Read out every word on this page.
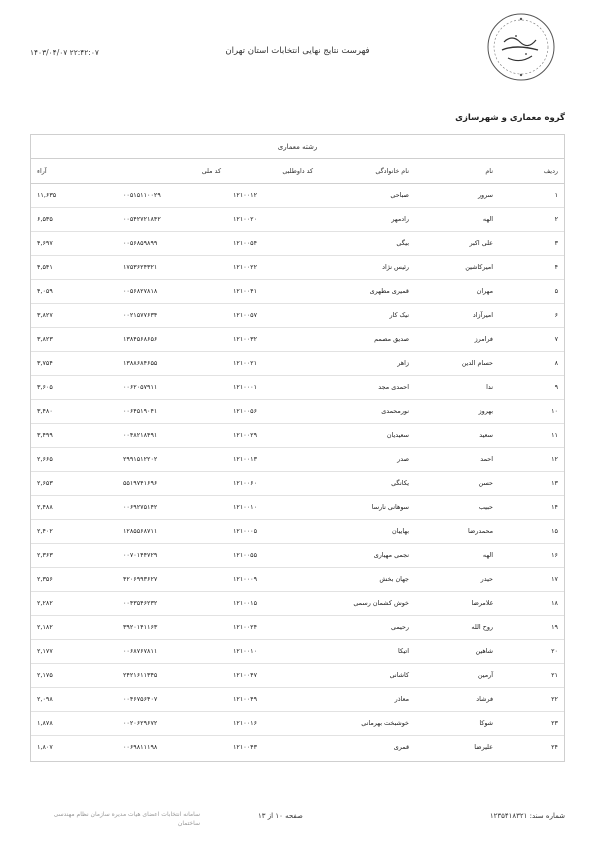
۱۴۰۳/۰۴/۰۷ ۲۲:۴۲:۰۷	فهرست نتایج نهایی انتخابات استان تهران
گروه معماری و شهرسازی
رشته معماری
ردیف	نام	نام خانوادگی	کد داوطلبی	کد ملی	آراء
۱	سرور	صباحی	۱۲۱۰۰۱۲	۰۰۵۱۵۱۱۰۰۲۹	۱۱,۶۳۵
۲	الهه	رادمهر	۱۲۱۰۰۲۰	۰۰۵۴۲۷۲۱۸۴۲	۶,۵۳۵
۳	علی اکبر	بیگی	۱۲۱۰۰۵۴	۰۰۵۶۸۵۹۸۹۹	۴,۶۹۷
۴	امیرکاشین	رئیس نژاد	۱۲۱۰۰۲۲	۱۷۵۳۶۲۴۳۲۱	۴,۵۴۱
۵	مهران	قمیری مطهری	۱۲۱۰۰۴۱	۰۰۵۶۸۲۷۸۱۸	۴,۰۵۹
۶	امیرآزاد	نیک کار	۱۲۱۰۰۵۷	۰۰۲۱۵۷۷۶۳۴	۳,۸۲۷
۷	فرامرز	صدیق مصمم	۱۲۱۰۰۳۲	۱۳۸۴۵۶۸۶۵۶	۳,۸۲۳
۸	حسام الدین	زاهر	۱۲۱۰۰۲۱	۱۳۸۸۶۸۴۶۵۵	۳,۷۵۴
۹	ندا	احمدی مجد	۱۲۱۰۰۰۱	۰۰۶۲۰۵۷۹۱۱	۳,۶۰۵
۱۰	بهروز	نورمحمدی	۱۲۱۰۰۵۶	۰۰۶۴۵۱۹۰۴۱	۳,۴۸۰
۱۱	سعید	سعیدیان	۱۲۱۰۰۲۹	۰۰۴۸۲۱۸۴۹۱	۳,۴۹۹
۱۲	احمد	صدر	۱۲۱۰۰۱۳	۲۹۹۱۵۱۲۲۰۲	۲,۶۶۵
۱۳	حسن	یکانگی	۱۲۱۰۰۶۰	۵۵۱۹۷۴۱۶۹۶	۲,۶۵۳
۱۴	حبیب	سوهانی نارسا	۱۲۱۰۰۱۰	۰۰۶۹۲۷۵۱۴۲	۲,۴۸۸
۱۵	محمدرضا	بهاییان	۱۲۱۰۰۰۵	۱۲۸۵۵۶۸۷۱۱	۲,۴۰۲
۱۶	الهه	نجمی مهیاری	۱۲۱۰۰۵۵	۰۰۷۰۱۴۴۷۲۹	۲,۳۶۳
۱۷	حیدر	جهان بخش	۱۲۱۰۰۰۹	۴۲۰۶۹۹۳۶۲۷	۲,۳۵۶
۱۸	غلامرضا	خوش کشمان رسمی	۱۲۱۰۰۱۵	۰۰۴۳۵۴۶۲۳۲	۲,۲۸۲
۱۹	روح الله	رحیمی	۱۲۱۰۰۲۴	۳۹۲۰۱۴۱۱۶۳	۲,۱۸۲
۲۰	شاهین	اتیکا	۱۲۱۰۰۱۰	۰۰۶۸۷۶۷۸۱۱	۲,۱۷۷
۲۱	آرمین	کاشانی	۱۲۱۰۰۴۷	۲۴۲۱۶۱۱۳۴۵	۲,۱۷۵
۲۲	فرشاد	معاذر	۱۲۱۰۰۴۹	۰۰۴۶۷۵۶۴۰۷	۲,۰۹۸
۲۳	شوکا	خوشبخت بهرمانی	۱۲۱۰۰۱۶	۰۰۲۰۶۲۹۶۷۲	۱,۸۷۸
۲۴	علیرضا	قمری	۱۲۱۰۰۴۳	۰۰۶۹۸۱۱۱۹۸	۱,۸۰۷
سامانه انتخابات اعضای هیات مدیره سازمان نظام مهندسی ساختمان
صفحه ۱۰ از ۱۳	شماره سند: ۱۲۳۵۴۱۸۳۲۱
